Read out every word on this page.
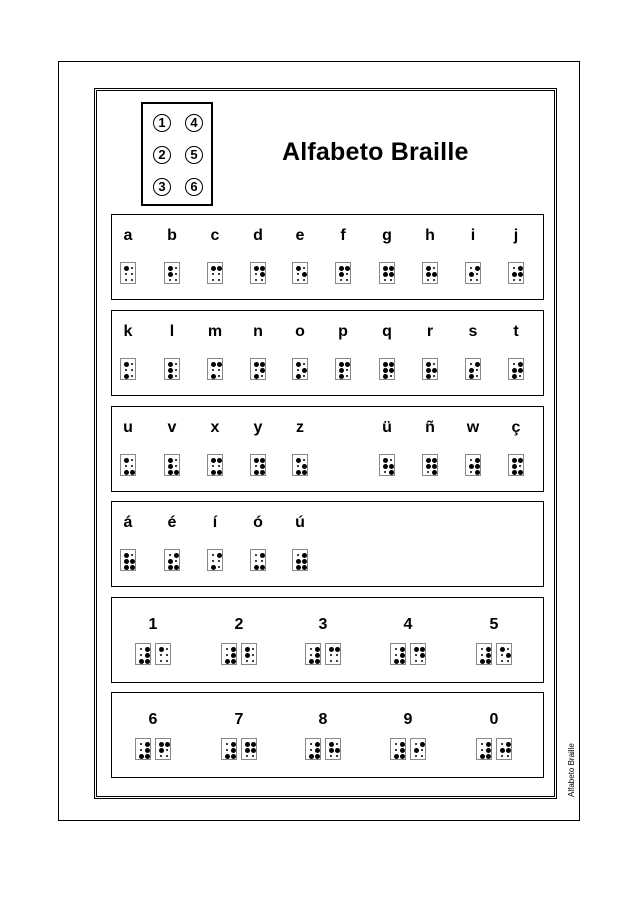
1	4
2	5
3	6
Alfabeto Braille
a	b	c	d	e	f	g	h	i	j
k	l	m	n	o	p	q	r	s	t
u	v	x	y	z	ü	ñ	w	ç
á	é	í	ó	ú
1	2	3	4	5
6	7	8	9	0
Alfabeto Braille
